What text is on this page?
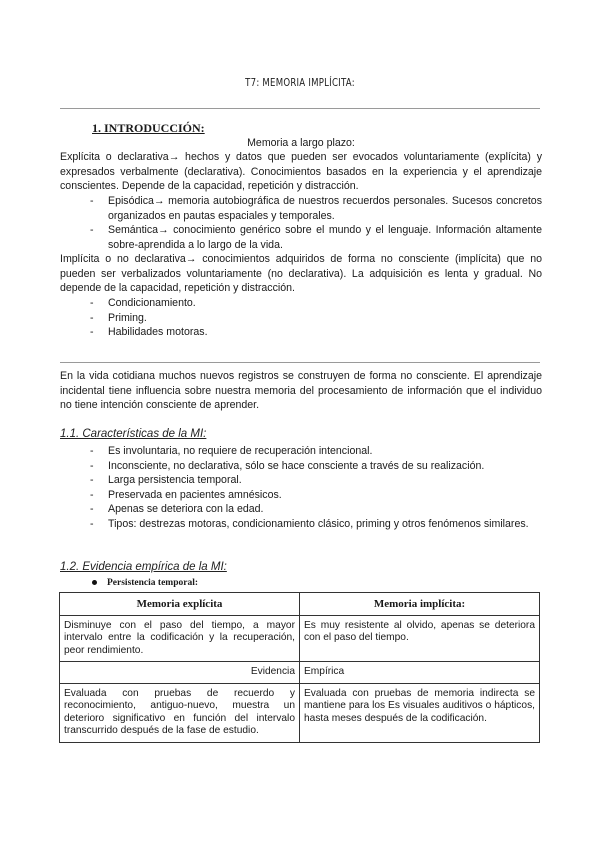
T7: MEMORIA IMPLÍCITA:
1. INTRODUCCIÓN:

Memoria a largo plazo:

Explícita o declarativa→ hechos y datos que pueden ser evocados voluntariamente (explícita) y expresados verbalmente (declarativa). Conocimientos basados en la experiencia y el aprendizaje conscientes. Depende de la capacidad, repetición y distracción.

- Episódica→ memoria autobiográfica de nuestros recuerdos personales. Sucesos concretos organizados en pautas espaciales y temporales.
- Semántica→ conocimiento genérico sobre el mundo y el lenguaje. Información altamente sobre-aprendida a lo largo de la vida.

Implícita o no declarativa→ conocimientos adquiridos de forma no consciente (implícita) que no pueden ser verbalizados voluntariamente (no declarativa). La adquisición es lenta y gradual. No depende de la capacidad, repetición y distracción.

- Condicionamiento.
- Priming.
- Habilidades motoras.

En la vida cotidiana muchos nuevos registros se construyen de forma no consciente. El aprendizaje incidental tiene influencia sobre nuestra memoria del procesamiento de información que el individuo no tiene intención consciente de aprender.

1.1. Características de la MI:
- Es involuntaria, no requiere de recuperación intencional.
- Inconsciente, no declarativa, sólo se hace consciente a través de su realización.
- Larga persistencia temporal.
- Preservada en pacientes amnésicos.
- Apenas se deteriora con la edad.
- Tipos: destrezas motoras, condicionamiento clásico, priming y otros fenómenos similares.
1.2. Evidencia empírica de la MI:
Persistencia temporal:
Memoria explícita	Memoria implícita:
Disminuye con el paso del tiempo, a mayor intervalo entre la codificación y la recuperación, peor rendimiento.	Es muy resistente al olvido, apenas se deteriora con el paso del tiempo.
Evidencia	Empírica
Evaluada con pruebas de recuerdo y reconocimiento, antiguo-nuevo, muestra un deterioro significativo en función del intervalo transcurrido después de la fase de estudio.	Evaluada con pruebas de memoria indirecta se mantiene para los Es visuales auditivos o hápticos, hasta meses después de la codificación.
